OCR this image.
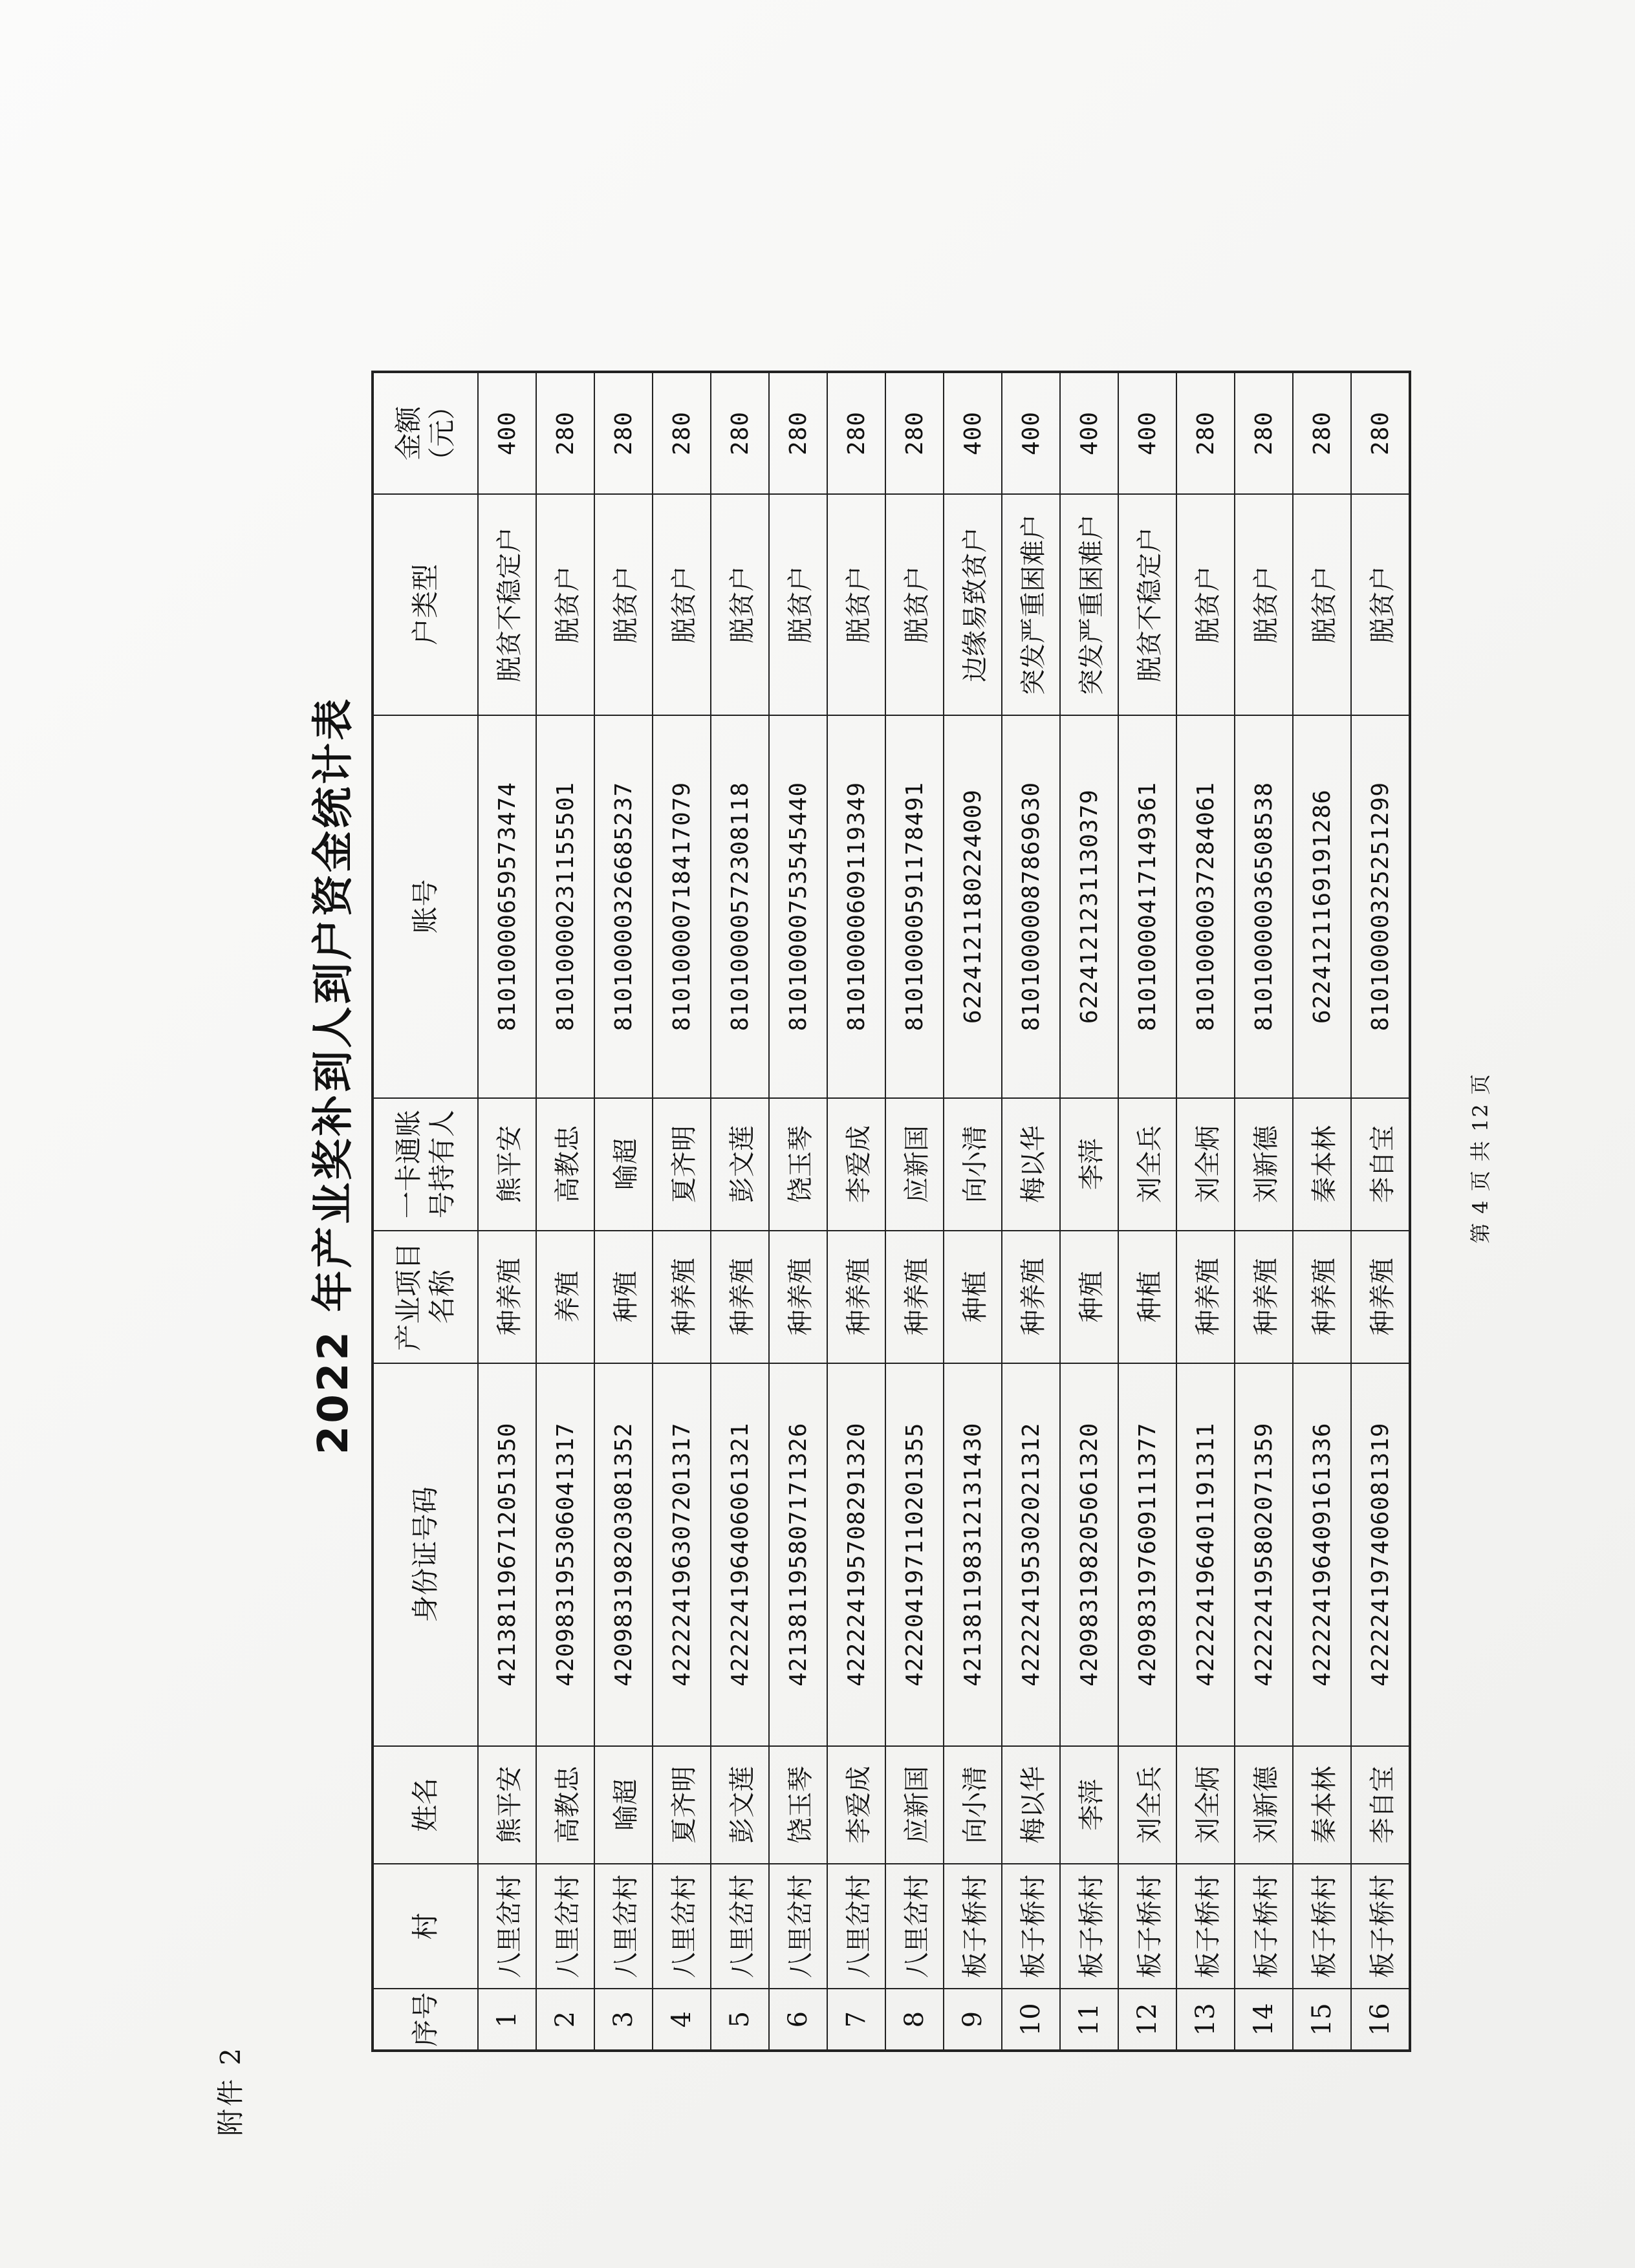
附件 2
2022 年产业奖补到人到户资金统计表
序号	村	姓名	身份证号码	产业项目名称	一卡通账号持有人	账号	户类型	金额（元）
1	八里岔村	熊平安	421381196712051350	种养殖	熊平安	81010000659573474	脱贫不稳定户	400
2	八里岔村	高教忠	420983195306041317	养殖	高教忠	81010000231155501	脱贫户	280
3	八里岔村	喻超	420983198203081352	种殖	喻超	81010000326685237	脱贫户	280
4	八里岔村	夏齐明	422224196307201317	种养殖	夏齐明	81010000718417079	脱贫户	280
5	八里岔村	彭文莲	422224196406061321	种养殖	彭文莲	81010000572308118	脱贫户	280
6	八里岔村	饶玉琴	421381195807171326	种养殖	饶玉琴	81010000753545440	脱贫户	280
7	八里岔村	李爱成	422224195708291320	种养殖	李爱成	81010000609119349	脱贫户	280
8	八里岔村	应新国	422204197110201355	种养殖	应新国	81010000591178491	脱贫户	280
9	板子桥村	向小清	421381198312131430	种植	向小清	6224121180224009	边缘易致贫户	400
10	板子桥村	梅以华	422224195302021312	种养殖	梅以华	81010000087869630	突发严重困难户	400
11	板子桥村	李萍	420983198205061320	种殖	李萍	6224121231130379	突发严重困难户	400
12	板子桥村	刘全兵	420983197609111377	种植	刘全兵	81010000417149361	脱贫不稳定户	400
13	板子桥村	刘全炳	422224196401191311	种养殖	刘全炳	81010000037284061	脱贫户	280
14	板子桥村	刘新德	422224195802071359	种养殖	刘新德	81010000036508538	脱贫户	280
15	板子桥村	秦本林	422224196409161336	种养殖	秦本林	6224121169191286	脱贫户	280
16	板子桥村	李自宝	422224197406081319	种养殖	李自宝	81010000325251299	脱贫户	280
第 4 页 共 12 页
